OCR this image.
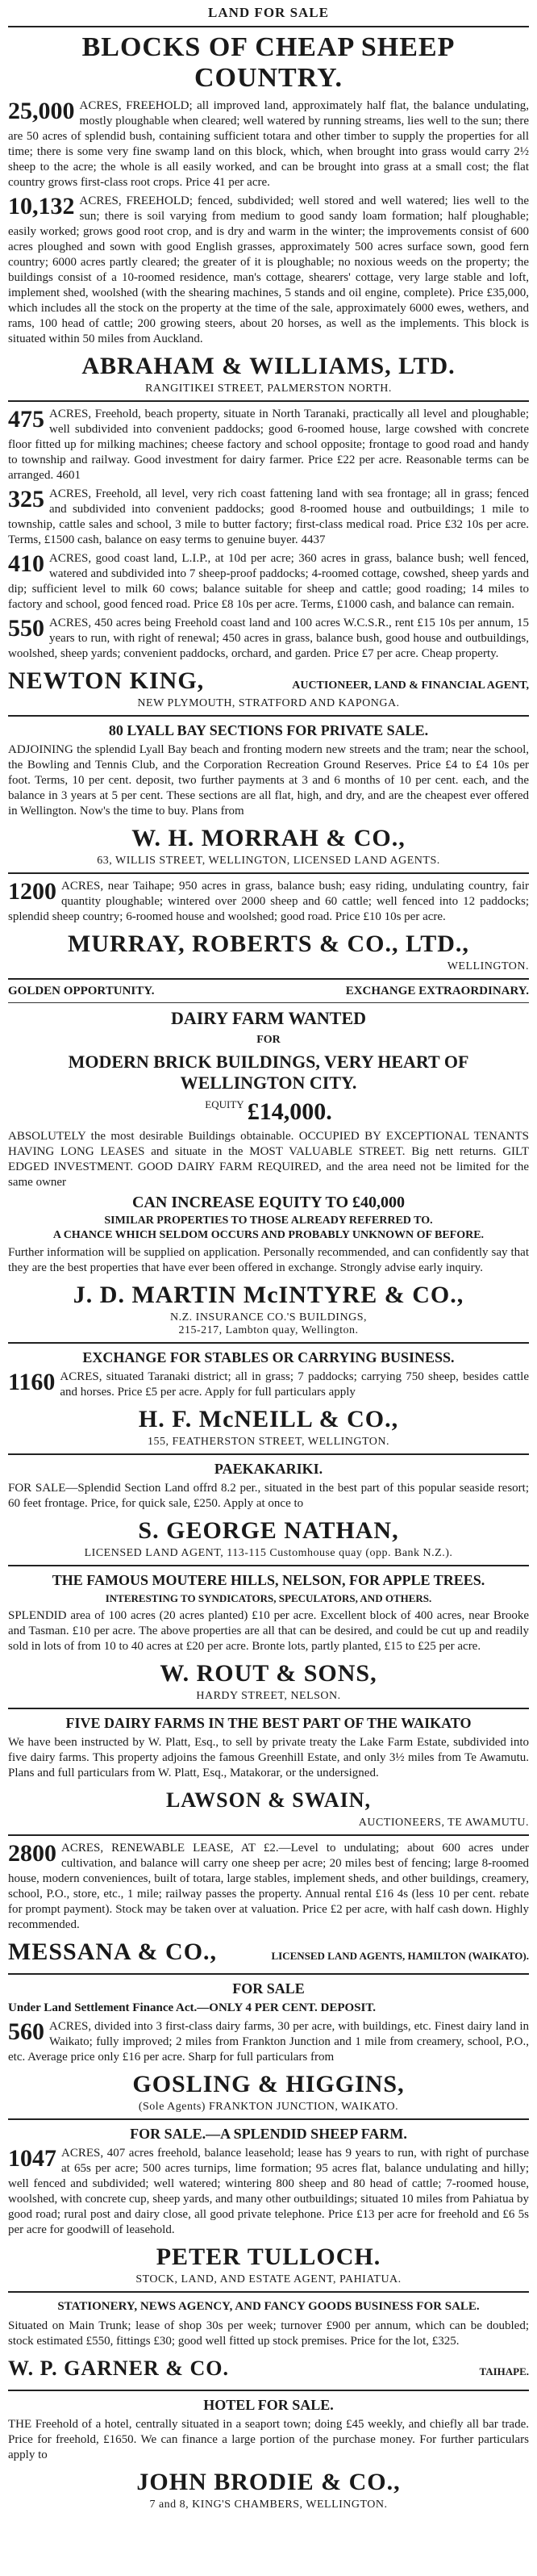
LAND FOR SALE
BLOCKS OF CHEAP SHEEP COUNTRY.
25,000 ACRES, FREEHOLD; all improved land, approximately half flat, the balance undulating, mostly ploughable when cleared; well watered by running streams, lies well to the sun; there are 50 acres of splendid bush, containing sufficient totara and other timber to supply the properties for all time; there is some very fine swamp land on this block, which, when brought into grass would carry 2½ sheep to the acre; the whole is all easily worked, and can be brought into grass at a small cost; the flat country grows first-class root crops. Price 41 per acre.
10,132 ACRES, FREEHOLD; fenced, subdivided; well stored and well watered; lies well to the sun; there is soil varying from medium to good sandy loam formation; half ploughable; easily worked; grows good root crop, and is dry and warm in the winter; the improvements consist of 600 acres ploughed and sown with good English grasses, approximately 500 acres surface sown, good fern country; 6000 acres partly cleared; the greater of it is ploughable; no noxious weeds on the property; the buildings consist of a 10-roomed residence, man's cottage, shearers' cottage, very large stable and loft, implement shed, woolshed (with the shearing machines, 5 stands and oil engine, complete). Price £35,000, which includes all the stock on the property at the time of the sale, approximately 6000 ewes, wethers, and rams, 100 head of cattle; 200 growing steers, about 20 horses, as well as the implements. This block is situated within 50 miles from Auckland.
ABRAHAM & WILLIAMS, LTD.
RANGITIKEI STREET, PALMERSTON NORTH.
475 ACRES, Freehold, beach property, situate in North Taranaki, practically all level and ploughable; well subdivided into convenient paddocks; good 6-roomed house, large cowshed with concrete floor fitted up for milking machines; cheese factory and school opposite; frontage to good road and handy to township and railway. Good investment for dairy farmer. Price £22 per acre. Reasonable terms can be arranged. 4601
325 ACRES, Freehold, all level, very rich coast fattening land with sea frontage; all in grass; fenced and subdivided into convenient paddocks; good 8-roomed house and outbuildings; 1 mile to township, cattle sales and school, 3 mile to butter factory; first-class medical road. Price £32 10s per acre. Terms, £1500 cash, balance on easy terms to genuine buyer. 4437
410 ACRES, good coast land, L.I.P., at 10d per acre; 360 acres in grass, balance bush; well fenced, watered and subdivided into 7 sheep-proof paddocks; 4-roomed cottage, cowshed, sheep yards and dip; sufficient level to milk 60 cows; balance suitable for sheep and cattle; good roading; 14 miles to factory and school, good fenced road. Price £8 10s per acre. Terms, £1000 cash, and balance can remain.
550 ACRES, 450 acres being Freehold coast land and 100 acres W.C.S.R., rent £15 10s per annum, 15 years to run, with right of renewal; 450 acres in grass, balance bush, good house and outbuildings, woolshed, sheep yards; convenient paddocks, orchard, and garden. Price £7 per acre. Cheap property.
NEWTON KING,	AUCTIONEER, LAND & FINANCIAL AGENT,
NEW PLYMOUTH, STRATFORD AND KAPONGA.
80 LYALL BAY SECTIONS FOR PRIVATE SALE.
ADJOINING the splendid Lyall Bay beach and fronting modern new streets and the tram; near the school, the Bowling and Tennis Club, and the Corporation Recreation Ground Reserves. Price £4 to £4 10s per foot. Terms, 10 per cent. deposit, two further payments at 3 and 6 months of 10 per cent. each, and the balance in 3 years at 5 per cent. These sections are all flat, high, and dry, and are the cheapest ever offered in Wellington. Now's the time to buy. Plans from
W. H. MORRAH & CO.,
63, WILLIS STREET, WELLINGTON, LICENSED LAND AGENTS.
1200 ACRES, near Taihape; 950 acres in grass, balance bush; easy riding, undulating country, fair quantity ploughable; wintered over 2000 sheep and 60 cattle; well fenced into 12 paddocks; splendid sheep country; 6-roomed house and woolshed; good road. Price £10 10s per acre.
MURRAY, ROBERTS & CO., LTD.,
WELLINGTON.
GOLDEN OPPORTUNITY.	EXCHANGE EXTRAORDINARY.
DAIRY FARM WANTED
FOR
MODERN BRICK BUILDINGS, VERY HEART OF WELLINGTON CITY.
$^{EQUITY}$ £14,000.
ABSOLUTELY the most desirable Buildings obtainable. OCCUPIED BY EXCEPTIONAL TENANTS HAVING LONG LEASES and situate in the MOST VALUABLE STREET. Big nett returns. GILT EDGED INVESTMENT. GOOD DAIRY FARM REQUIRED, and the area need not be limited for the same owner
CAN INCREASE EQUITY TO £40,000
SIMILAR PROPERTIES TO THOSE ALREADY REFERRED TO.
A CHANCE WHICH SELDOM OCCURS AND PROBABLY UNKNOWN OF BEFORE.
Further information will be supplied on application. Personally recommended, and can confidently say that they are the best properties that have ever been offered in exchange. Strongly advise early inquiry.
J. D. MARTIN McINTYRE & CO.,
N.Z. INSURANCE CO.'S BUILDINGS,
215-217, Lambton quay, Wellington.
EXCHANGE FOR STABLES OR CARRYING BUSINESS.
1160 ACRES, situated Taranaki district; all in grass; 7 paddocks; carrying 750 sheep, besides cattle and horses. Price £5 per acre. Apply for full particulars apply
H. F. McNEILL & CO.,
155, FEATHERSTON STREET, WELLINGTON.
PAEKAKARIKI.
FOR SALE—Splendid Section Land offrd 8.2 per., situated in the best part of this popular seaside resort; 60 feet frontage. Price, for quick sale, £250. Apply at once to
S. GEORGE NATHAN,
LICENSED LAND AGENT, 113-115 Customhouse quay (opp. Bank N.Z.).
THE FAMOUS MOUTERE HILLS, NELSON, FOR APPLE TREES.
INTERESTING TO SYNDICATORS, SPECULATORS, AND OTHERS.
SPLENDID area of 100 acres (20 acres planted) £10 per acre. Excellent block of 400 acres, near Brooke and Tasman. £10 per acre. The above properties are all that can be desired, and could be cut up and readily sold in lots of from 10 to 40 acres at £20 per acre. Bronte lots, partly planted, £15 to £25 per acre.
W. ROUT & SONS,
HARDY STREET, NELSON.
FIVE DAIRY FARMS IN THE BEST PART OF THE WAIKATO
We have been instructed by W. Platt, Esq., to sell by private treaty the Lake Farm Estate, subdivided into five dairy farms. This property adjoins the famous Greenhill Estate, and only 3½ miles from Te Awamutu. Plans and full particulars from W. Platt, Esq., Matakorar, or the undersigned.
LAWSON & SWAIN,
AUCTIONEERS, TE AWAMUTU.
2800 ACRES, RENEWABLE LEASE, AT £2.—Level to undulating; about 600 acres under cultivation, and balance will carry one sheep per acre; 20 miles best of fencing; large 8-roomed house, modern conveniences, built of totara, large stables, implement sheds, and other buildings, creamery, school, P.O., store, etc., 1 mile; railway passes the property. Annual rental £16 4s (less 10 per cent. rebate for prompt payment). Stock may be taken over at valuation. Price £2 per acre, with half cash down. Highly recommended.
MESSANA & CO.,	LICENSED LAND AGENTS, HAMILTON (WAIKATO).
FOR SALE
Under Land Settlement Finance Act.—ONLY 4 PER CENT. DEPOSIT.
560 ACRES, divided into 3 first-class dairy farms, 30 per acre, with buildings, etc. Finest dairy land in Waikato; fully improved; 2 miles from Frankton Junction and 1 mile from creamery, school, P.O., etc. Average price only £16 per acre. Sharp for full particulars from
GOSLING & HIGGINS,
(Sole Agents) FRANKTON JUNCTION, WAIKATO.
FOR SALE.—A SPLENDID SHEEP FARM.
1047 ACRES, 407 acres freehold, balance leasehold; lease has 9 years to run, with right of purchase at 65s per acre; 500 acres turnips, lime formation; 95 acres flat, balance undulating and hilly; well fenced and subdivided; well watered; wintering 800 sheep and 80 head of cattle; 7-roomed house, woolshed, with concrete cup, sheep yards, and many other outbuildings; situated 10 miles from Pahiatua by good road; rural post and dairy close, all good private telephone. Price £13 per acre for freehold and £6 5s per acre for goodwill of leasehold.
PETER TULLOCH.
STOCK, LAND, AND ESTATE AGENT, PAHIATUA.
STATIONERY, NEWS AGENCY, AND FANCY GOODS BUSINESS FOR SALE.
Situated on Main Trunk; lease of shop 30s per week; turnover £900 per annum, which can be doubled; stock estimated £550, fittings £30; good well fitted up stock premises. Price for the lot, £325.
W. P. GARNER & CO.	TAIHAPE.
HOTEL FOR SALE.
THE Freehold of a hotel, centrally situated in a seaport town; doing £45 weekly, and chiefly all bar trade. Price for freehold, £1650. We can finance a large portion of the purchase money. For further particulars apply to
JOHN BRODIE & CO.,
7 and 8, KING'S CHAMBERS, WELLINGTON.
